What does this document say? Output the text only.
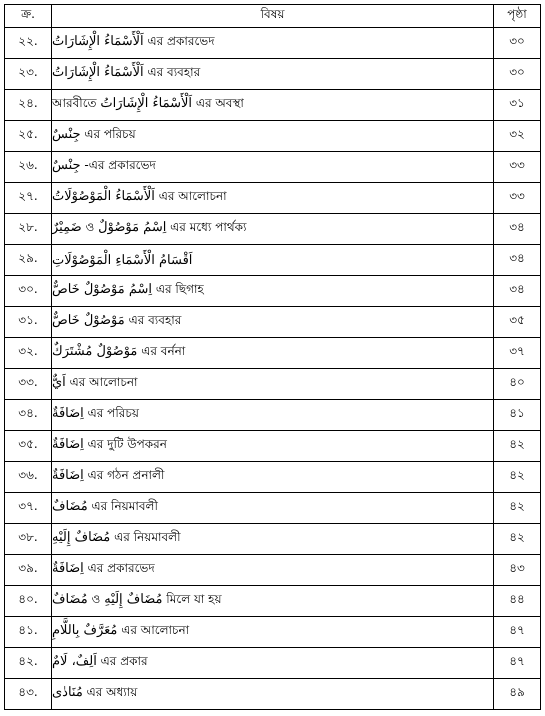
ক্র.	বিষয়	পৃষ্ঠা
২২.	اَلْأَسْمَاءُ الْإِشَارَاتُ এর প্রকারভেদ	৩০
২৩.	اَلْأَسْمَاءُ الْإِشَارَاتُ এর ব্যবহার	৩০
২৪.	আরবীতে اَلْأَسْمَاءُ الْإِشَارَاتُ এর অবস্থা	৩১
২৫.	جِنْسٌ এর পরিচয়	৩২
২৬.	جِنْسٌ -এর প্রকারভেদ	৩৩
২৭.	اَلْأَسْمَاءُ الْمَوْصُوْلَاتُ এর আলোচনা	৩৩
২৮.	ضَمِيْرٌ ও اِسْمُ مَوْصُوْلٌ এর মধ্যে পার্থক্য	৩৪
২৯.	اَقْسَامُ الْأَسْمَاءِ الْمَوْصُوْلَاتِ	৩৪
৩০.	اِسْمُ مَوْصُوْلٌ خَاصٌّ এর ছিগাহ	৩৪
৩১.	مَوْصُوْلٌ خَاصٌّ এর ব্যবহার	৩৫
৩২.	مَوْصُوْلٌ مُشْتَرَكٌ এর বর্ননা	৩৭
৩৩.	اَيٌّ এর আলোচনা	৪০
৩৪.	اِضَافَةٌ এর পরিচয়	৪১
৩৫.	اِضَافَةٌ এর দুটি উপকরন	৪২
৩৬.	اِضَافَةٌ এর গঠন প্রনালী	৪২
৩৭.	مُضَافٌ এর নিয়মাবলী	৪২
৩৮.	مُضَافٌ إِلَيْهِ এর নিয়মাবলী	৪২
৩৯.	اِضَافَةٌ এর প্রকারভেদ	৪৩
৪০.	مُضَافٌ ও مُضَافٌ إِلَيْهِ মিলে যা হয়	৪৪
৪১.	مُعَرَّفٌ بِاللَّامِ এর আলোচনা	৪৭
৪২.	اَلِفٌ، لَامٌ এর প্রকার	৪৭
৪৩.	مُنَادٰى এর অধ্যায়	৪৯
